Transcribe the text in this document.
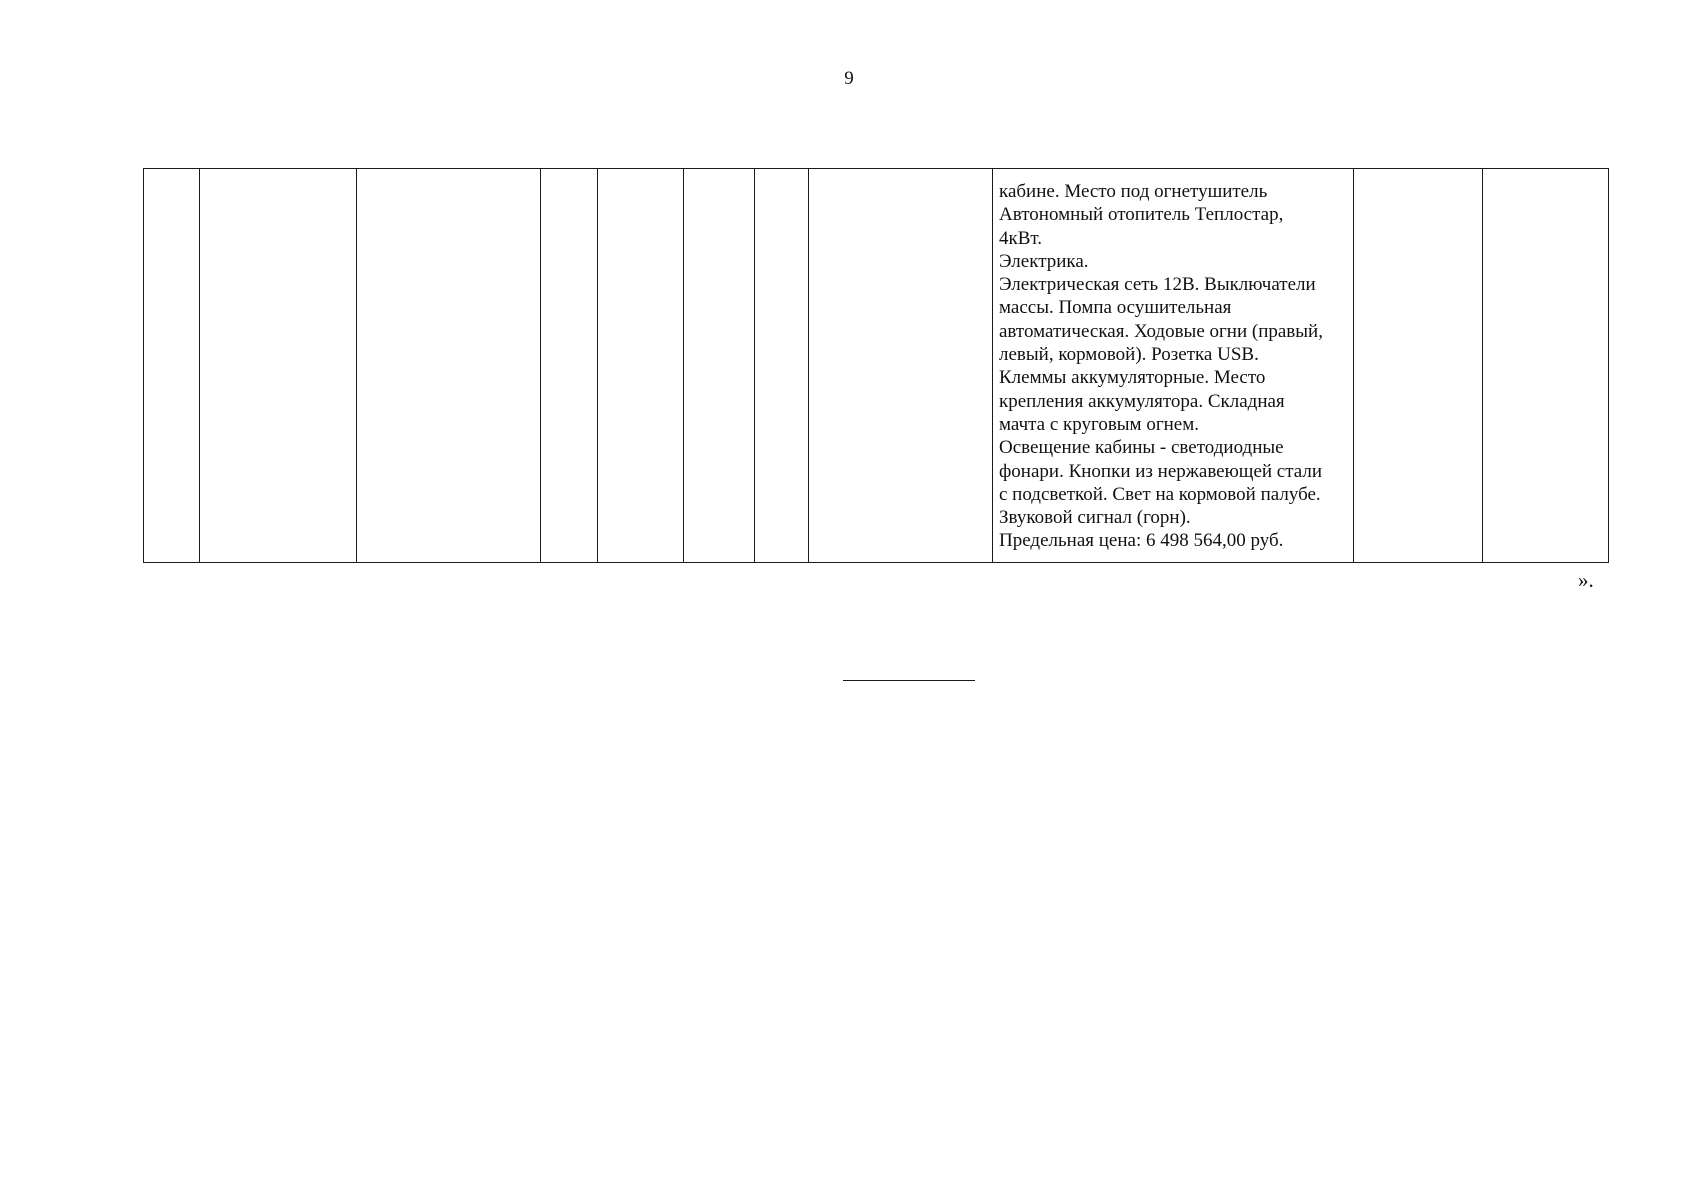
9

кабине. Место под огнетушитель
Автономный отопитель Теплостар,
4кВт.
Электрика.
Электрическая сеть 12В. Выключатели
массы. Помпа осушительная
автоматическая. Ходовые огни (правый,
левый, кормовой). Розетка USB.
Клеммы аккумуляторные. Место
крепления аккумулятора. Складная
мачта с круговым огнем.
Освещение кабины - светодиодные
фонари. Кнопки из нержавеющей стали
с подсветкой. Свет на кормовой палубе.
Звуковой сигнал (горн).
Предельная цена: 6 498 564,00 руб.

».
